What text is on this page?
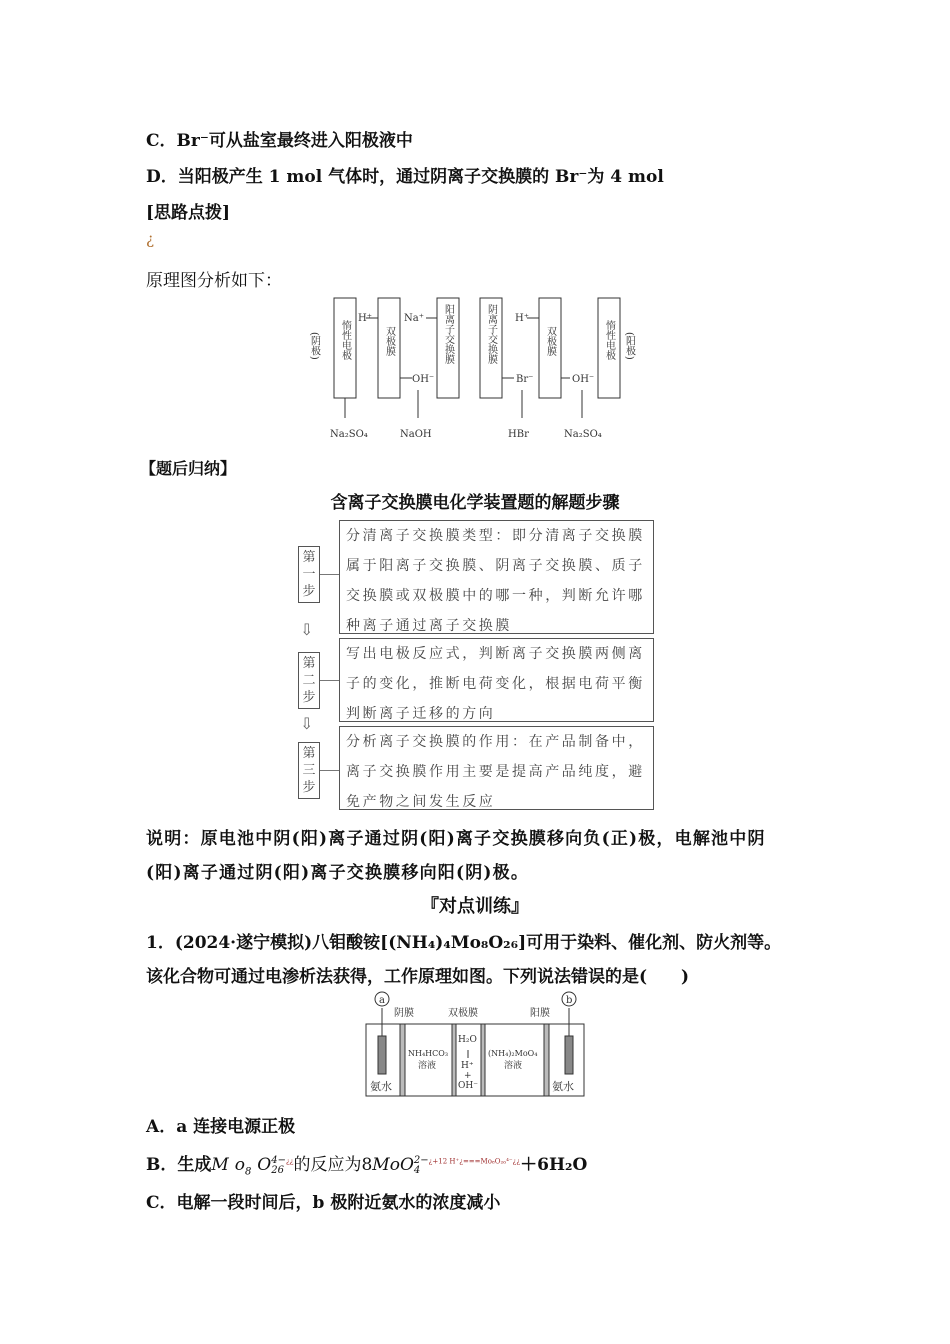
C．Br⁻可从盐室最终进入阳极液中
D．当阳极产生 1 mol 气体时，通过阴离子交换膜的 Br⁻为 4 mol
[思路点拨]
¿
原理图分析如下：
(阴极)	(阳极)
惰性电极	双极膜	阳离子交换膜	阴离子交换膜	双极膜	惰性电极
H⁺	Na⁺
OH⁻	Br⁻
H⁺
OH⁻
Na₂SO₄	NaOH	HBr	Na₂SO₄
【题后归纳】
含离子交换膜电化学装置题的解题步骤
第一步
分清离子交换膜类型：即分清离子交换膜属于阳离子交换膜、阴离子交换膜、质子交换膜或双极膜中的哪一种，判断允许哪种离子通过离子交换膜
⇩
第二步
写出电极反应式，判断离子交换膜两侧离子的变化，推断电荷变化，根据电荷平衡判断离子迁移的方向
⇩
第三步
分析离子交换膜的作用：在产品制备中，离子交换膜作用主要是提高产品纯度，避免产物之间发生反应
说明：原电池中阴(阳)离子通过阴(阳)离子交换膜移向负(正)极，电解池中阴
(阳)离子通过阴(阳)离子交换膜移向阳(阴)极。
『对点训练』
1．(2024·遂宁模拟)八钼酸铵[(NH₄)₄Mo₈O₂₆]可用于染料、催化剂、防火剂等。
该化合物可通过电渗析法获得，工作原理如图。下列说法错误的是(　　)
a	b
阴膜	双极膜	阳膜
NH₄HCO₃
溶液
H₂O
H⁺
+
OH⁻
(NH₄)₂MoO₄
溶液
氨水	氨水
A．a 连接电源正极
B．生成M $o_8$ O 4−
26
¿¿的反应为8MoO 2−
4
$^{¿+12 H^+¿===Mo_8O_{26}^{4-}¿¿}$＋6H₂O
C．电解一段时间后，b 极附近氨水的浓度减小
